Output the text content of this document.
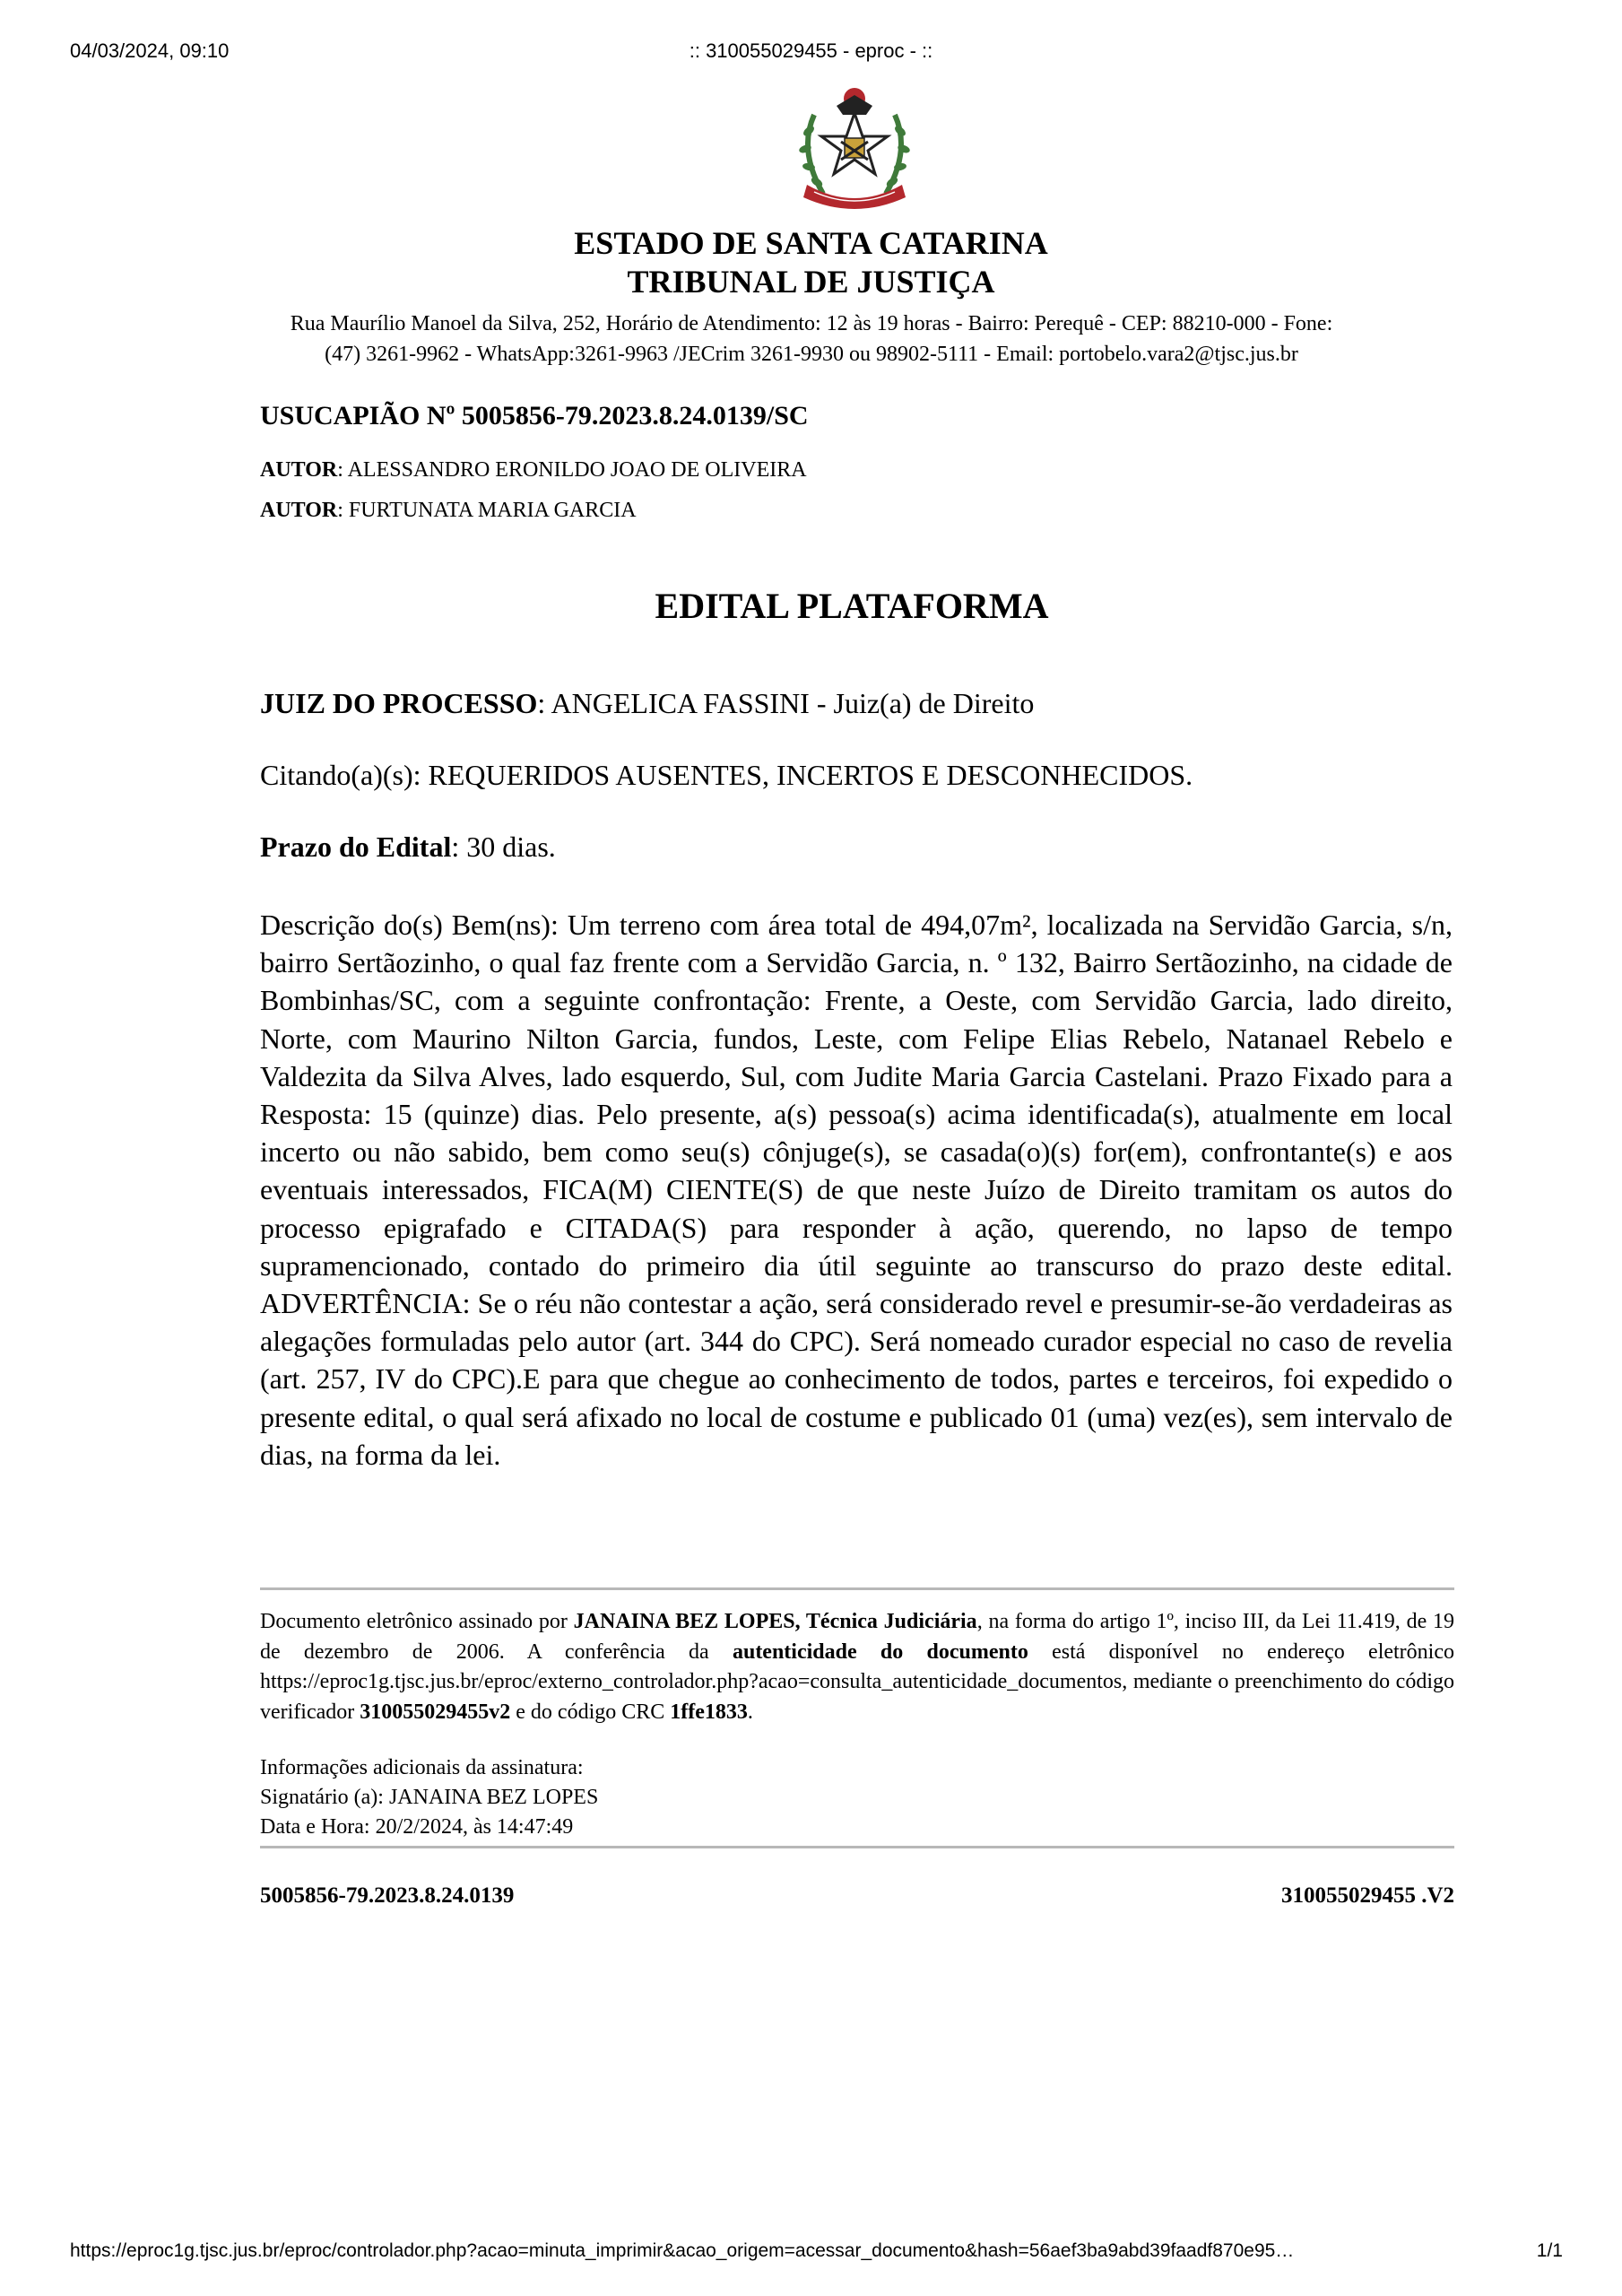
04/03/2024, 09:10	:: 310055029455 - eproc - ::
ESTADO DE SANTA CATARINA
TRIBUNAL DE JUSTIÇA
Rua Maurílio Manoel da Silva, 252, Horário de Atendimento: 12 às 19 horas - Bairro: Perequê - CEP: 88210-000 - Fone:
(47) 3261-9962 - WhatsApp:3261-9963 /JECrim 3261-9930 ou 98902-5111 - Email: portobelo.vara2@tjsc.jus.br
USUCAPIÃO Nº 5005856-79.2023.8.24.0139/SC
AUTOR: ALESSANDRO ERONILDO JOAO DE OLIVEIRA
AUTOR: FURTUNATA MARIA GARCIA
EDITAL PLATAFORMA
JUIZ DO PROCESSO: ANGELICA FASSINI - Juiz(a) de Direito
Citando(a)(s): REQUERIDOS AUSENTES, INCERTOS E DESCONHECIDOS.
Prazo do Edital: 30 dias.
Descrição do(s) Bem(ns): Um terreno com área total de 494,07m², localizada na Servidão Garcia, s/n, bairro Sertãozinho, o qual faz frente com a Servidão Garcia, n. º 132, Bairro Sertãozinho, na cidade de Bombinhas/SC, com a seguinte confrontação: Frente, a Oeste, com Servidão Garcia, lado direito, Norte, com Maurino Nilton Garcia, fundos, Leste, com Felipe Elias Rebelo, Natanael Rebelo e Valdezita da Silva Alves, lado esquerdo, Sul, com Judite Maria Garcia Castelani. Prazo Fixado para a Resposta: 15 (quinze) dias. Pelo presente, a(s) pessoa(s) acima identificada(s), atualmente em local incerto ou não sabido, bem como seu(s) cônjuge(s), se casada(o)(s) for(em), confrontante(s) e aos eventuais interessados, FICA(M) CIENTE(S) de que neste Juízo de Direito tramitam os autos do processo epigrafado e CITADA(S) para responder à ação, querendo, no lapso de tempo supramencionado, contado do primeiro dia útil seguinte ao transcurso do prazo deste edital. ADVERTÊNCIA: Se o réu não contestar a ação, será considerado revel e presumir-se-ão verdadeiras as alegações formuladas pelo autor (art. 344 do CPC). Será nomeado curador especial no caso de revelia (art. 257, IV do CPC).E para que chegue ao conhecimento de todos, partes e terceiros, foi expedido o presente edital, o qual será afixado no local de costume e publicado 01 (uma) vez(es), sem intervalo de dias, na forma da lei.
Documento eletrônico assinado por JANAINA BEZ LOPES, Técnica Judiciária, na forma do artigo 1º, inciso III, da Lei 11.419, de 19 de dezembro de 2006. A conferência da autenticidade do documento está disponível no endereço eletrônico https://eproc1g.tjsc.jus.br/eproc/externo_controlador.php?acao=consulta_autenticidade_documentos, mediante o preenchimento do código verificador 310055029455v2 e do código CRC 1ffe1833.
Informações adicionais da assinatura:
Signatário (a): JANAINA BEZ LOPES
Data e Hora: 20/2/2024, às 14:47:49
5005856-79.2023.8.24.0139	310055029455 .V2
https://eproc1g.tjsc.jus.br/eproc/controlador.php?acao=minuta_imprimir&acao_origem=acessar_documento&hash=56aef3ba9abd39faadf870e95…	1/1
